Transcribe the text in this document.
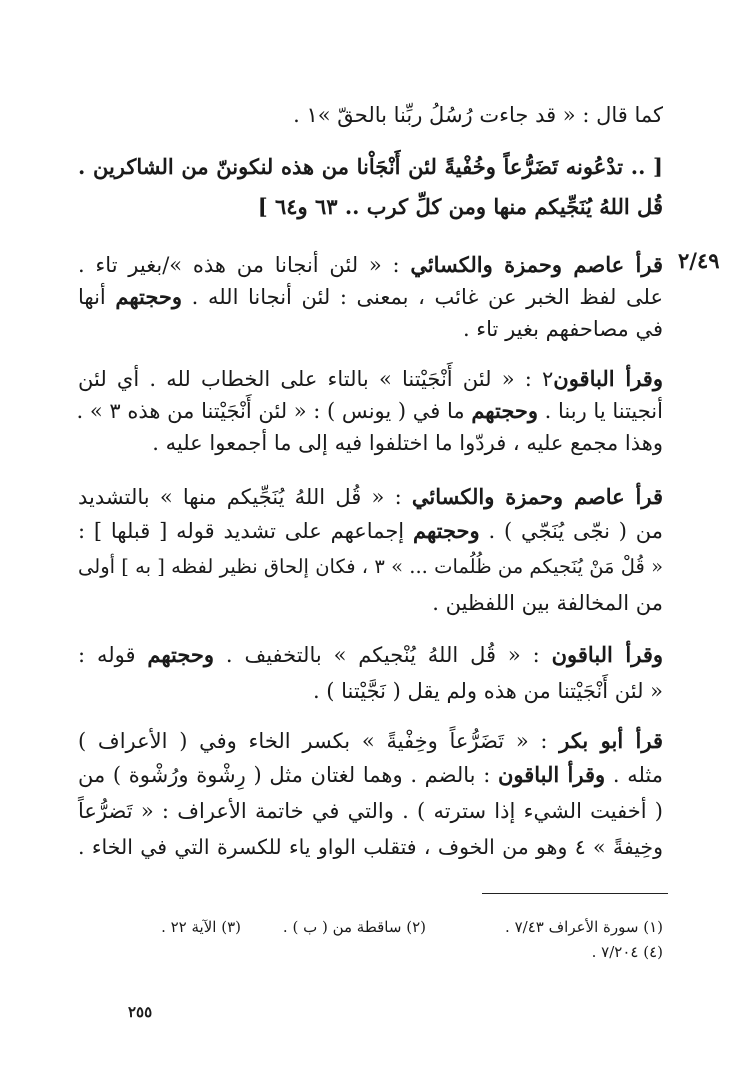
٢/٤٩
كما قال : « قد جاءت رُسُلُ ربِّنا بالحقّ »١ .
[ .. تدْعُونه تَضَرُّعاً وخُفْيةً لئن أَنْجَاْنا من هذه لنكوننّ من الشاكرين .
قُل اللهُ يُنَجِّيكم منها ومن كلِّ كرب .. ٦٣ و٦٤ ]
قرأ عاصم وحمزة والكسائي : « لئن أنجانا من هذه »/بغير تاء .
على لفظ الخبر عن غائب ، بمعنى : لئن أنجانا الله . وحجتهم أنها
في مصاحفهم بغير تاء .
وقرأ الباقون٢ : « لئن أَنْجَيْتنا » بالتاء على الخطاب لله . أي لئن
أنجيتنا يا ربنا . وحجتهم ما في ( يونس ) : « لئن أَنْجَيْتنا من هذه ٣ » .
وهذا مجمع عليه ، فردّوا ما اختلفوا فيه إلى ما أجمعوا عليه .
قرأ عاصم وحمزة والكسائي : « قُل اللهُ يُنَجِّيكم منها » بالتشديد
من ( نجّى يُنَجّي ) . وحجتهم إجماعهم على تشديد قوله [ قبلها ] :
« قُلْ مَنْ يُنَجيكم من ظُلُمات ... » ٣ ، فكان إلحاق نظير لفظه [ به ] أولى
من المخالفة بين اللفظين .
وقرأ الباقون : « قُل اللهُ يُنْجيكم » بالتخفيف . وحجتهم قوله :
« لئن أَنْجَيْتنا من هذه ولم يقل ( نَجَّيْتنا ) .
قرأ أبو بكر : « تَضَرُّعاً وخِفْيةً » بكسر الخاء وفي ( الأعراف )
مثله . وقرأ الباقون : بالضم . وهما لغتان مثل ( رِشْوة ورُشْوة ) من
( أخفيت الشيء إذا سترته ) . والتي في خاتمة الأعراف : « تَضرُّعاً
وخِيفةً » ٤ وهو من الخوف ، فتقلب الواو ياء للكسرة التي في الخاء .
(١) سورة الأعراف ٧/٤٣ .
(٢) ساقطة من ( ب ) .
(٣) الآية ٢٢ .
(٤) ٧/٢٠٤ .
٢٥٥
